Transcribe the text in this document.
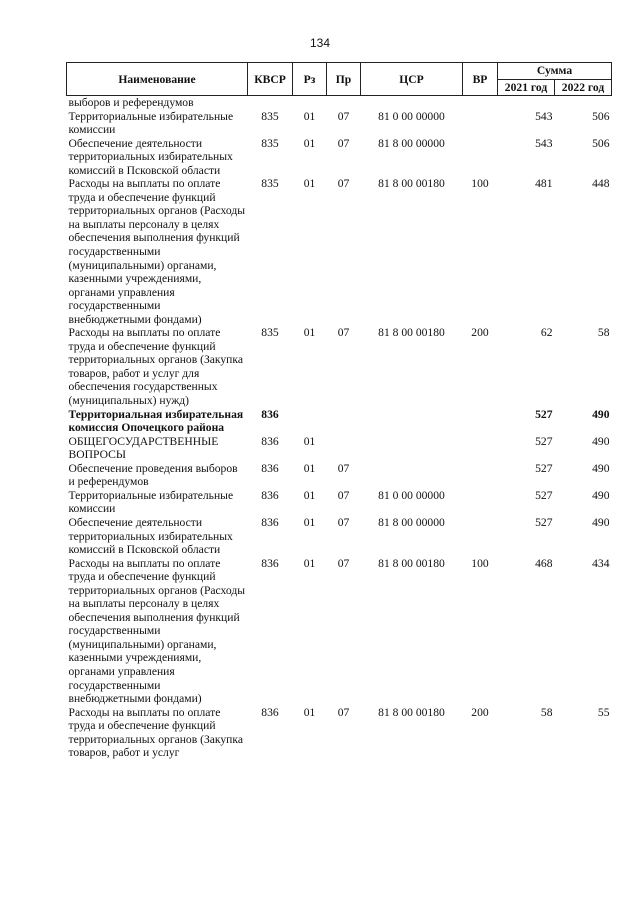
134
Наименование	КВСР	Рз	Пр	ЦСР	ВР	Сумма	
						2021 год	2022 год
выборов и референдумов							
Территориальные избирательные комиссии	835	01	07	81 0 00 00000		543	506
Обеспечение деятельности территориальных избирательных комиссий в Псковской области	835	01	07	81 8 00 00000		543	506
Расходы на выплаты по оплате труда и обеспечение функций территориальных органов (Расходы на выплаты персоналу в целях обеспечения выполнения функций государственными (муниципальными) органами, казенными учреждениями, органами управления государственными внебюджетными фондами)	835	01	07	81 8 00 00180	100	481	448
Расходы на выплаты по оплате труда и обеспечение функций территориальных органов (Закупка товаров, работ и услуг для обеспечения государственных (муниципальных) нужд)	835	01	07	81 8 00 00180	200	62	58
Территориальная избирательная комиссия Опочецкого района	836					527	490
ОБЩЕГОСУДАРСТВЕННЫЕ ВОПРОСЫ	836	01				527	490
Обеспечение проведения выборов и референдумов	836	01	07			527	490
Территориальные избирательные комиссии	836	01	07	81 0 00 00000		527	490
Обеспечение деятельности территориальных избирательных комиссий в Псковской области	836	01	07	81 8 00 00000		527	490
Расходы на выплаты по оплате труда и обеспечение функций территориальных органов (Расходы на выплаты персоналу в целях обеспечения выполнения функций государственными (муниципальными) органами, казенными учреждениями, органами управления государственными внебюджетными фондами)	836	01	07	81 8 00 00180	100	468	434
Расходы на выплаты по оплате труда и обеспечение функций территориальных органов (Закупка товаров, работ и услуг	836	01	07	81 8 00 00180	200	58	55
